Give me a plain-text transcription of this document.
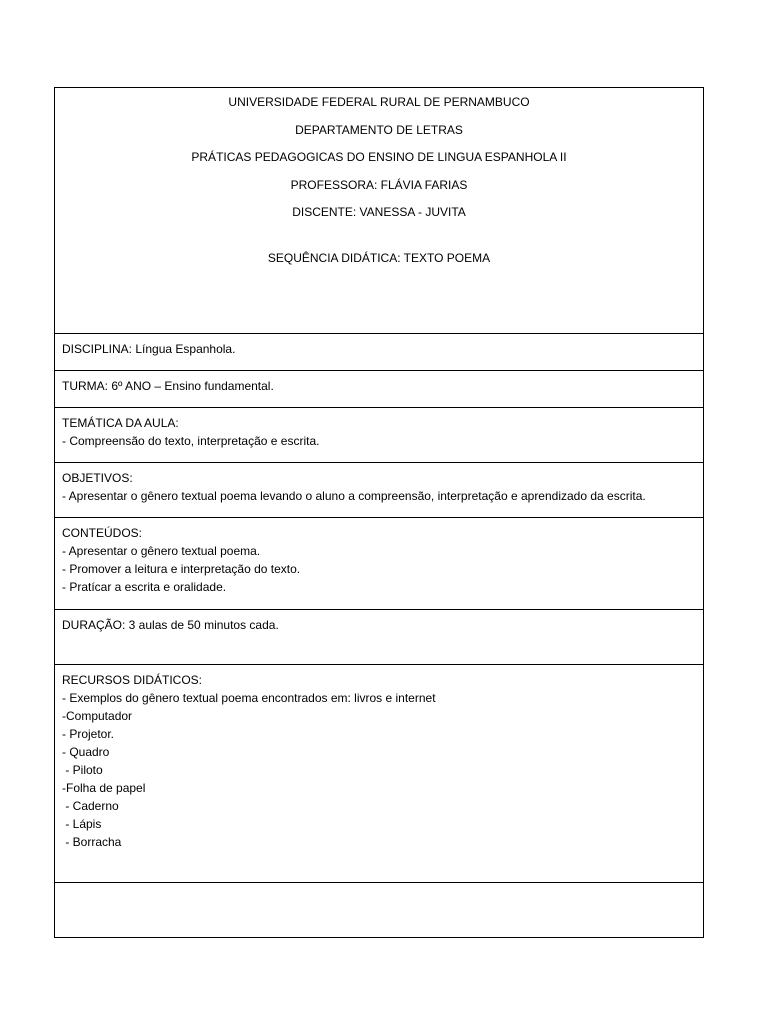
UNIVERSIDADE FEDERAL RURAL DE PERNAMBUCO
DEPARTAMENTO DE LETRAS
PRÁTICAS PEDAGOGICAS DO ENSINO DE LINGUA ESPANHOLA II
PROFESSORA: FLÁVIA FARIAS
DISCENTE: VANESSA - JUVITA
SEQUÊNCIA DIDÁTICA: TEXTO POEMA
DISCIPLINA: Língua Espanhola.
TURMA: 6º ANO – Ensino fundamental.
TEMÁTICA DA AULA:
- Compreensão do texto, interpretação e escrita.
OBJETIVOS:
- Apresentar o gênero textual poema levando o aluno a compreensão, interpretação e aprendizado da escrita.
CONTEÚDOS:
- Apresentar o gênero textual poema.
- Promover a leitura e interpretação do texto.
- Pratícar a escrita e oralidade.
DURAÇÃO: 3 aulas de 50 minutos cada.
RECURSOS DIDÁTICOS:
- Exemplos do gênero textual poema encontrados em: livros e internet
-Computador
- Projetor.
- Quadro
- Piloto
-Folha de papel
- Caderno
- Lápis
- Borracha
